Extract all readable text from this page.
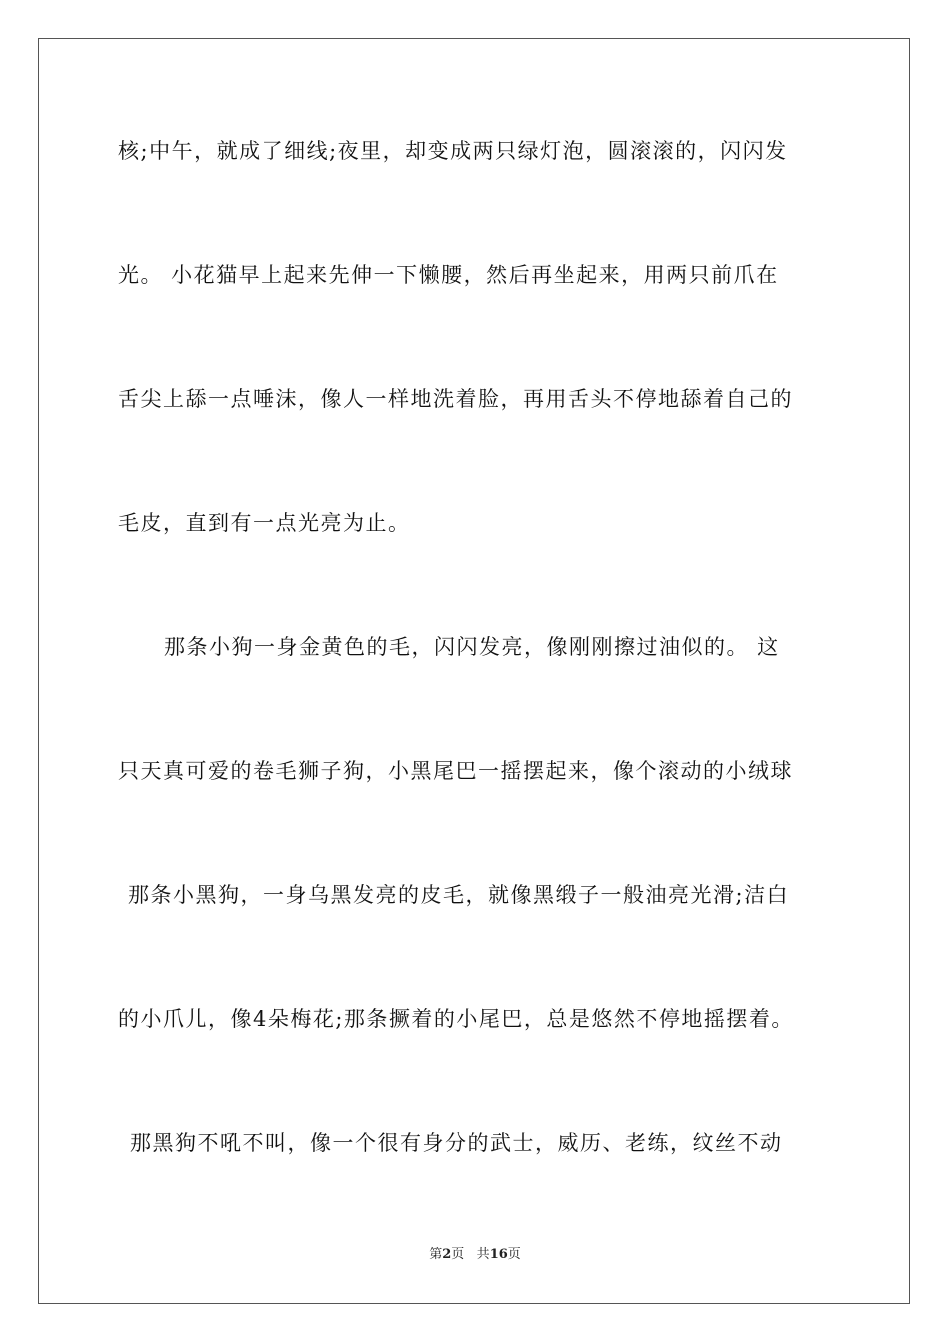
核;中午，就成了细线;夜里，却变成两只绿灯泡，圆滚滚的，闪闪发
光。 小花猫早上起来先伸一下懒腰，然后再坐起来，用两只前爪在
舌尖上舔一点唾沫，像人一样地洗着脸，再用舌头不停地舔着自己的
毛皮，直到有一点光亮为止。
那条小狗一身金黄色的毛，闪闪发亮，像刚刚擦过油似的。 这
只天真可爱的卷毛狮子狗，小黑尾巴一摇摆起来，像个滚动的小绒球
那条小黑狗，一身乌黑发亮的皮毛，就像黑缎子一般油亮光滑;洁白
的小爪儿，像4朵梅花;那条撅着的小尾巴，总是悠然不停地摇摆着。
那黑狗不吼不叫，像一个很有身分的武士，威历、老练，纹丝不动
第2页 共16页
